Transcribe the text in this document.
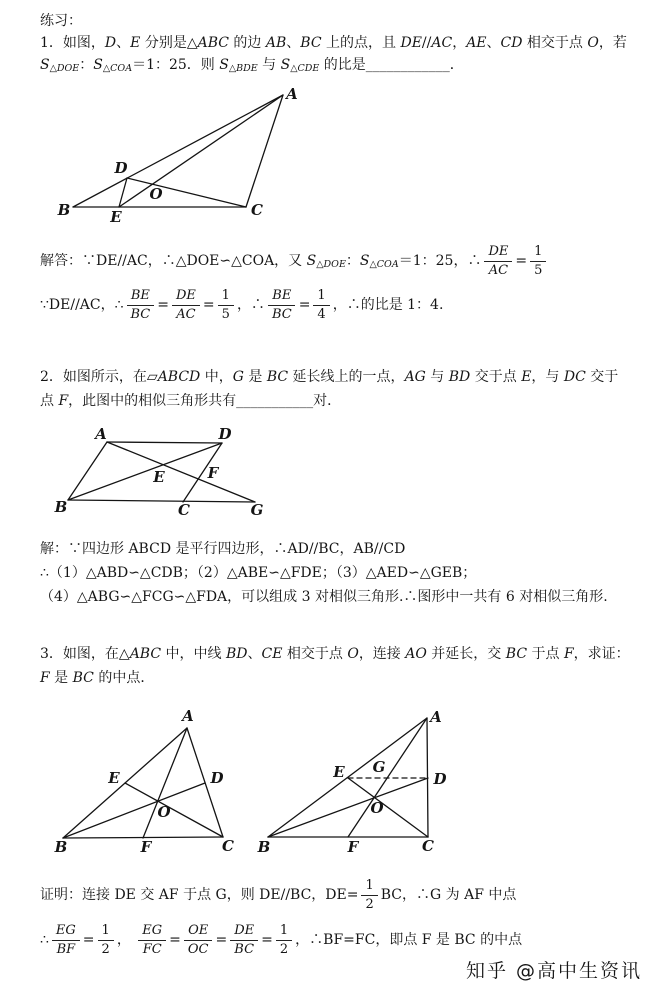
练习：
1．如图， D 、 E 分别是△ ABC 的边 AB 、 BC 上的点，且 DE // AC ， AE 、 CD 相交于点 O ，若
S △DOE ： S △COA ＝1：25．则 S △BDE 与 S △CDE 的比是 ____________ ．
A
B	C
D
E
O
解答：∵DE//AC，∴△DOE∽△COA，又 S △DOE ： S △COA ＝1：25，∴ $\frac{DE}{AC} = \frac{1}{5}$
∵DE//AC，∴ $\frac{BE}{BC} = \frac{DE}{AC} = \frac{1}{5}$ ，∴ $\frac{BE}{BC} = \frac{1}{4}$ ，∴的比是 1：4.
2．如图所示，在▱ ABCD 中， G 是 BC 延长线上的一点， AG 与 BD 交于点 E ，与 DC 交于
点 F ，此图中的相似三角形共有 ___________ 对．
A	D
B	C	G
E	F
解：∵四边形 ABCD 是平行四边形，∴AD//BC，AB//CD
∴（1）△ABD∽△CDB；（2）△ABE∽△FDE；（3）△AED∽△GEB；
（4）△ABG∽△FCG∽△FDA，可以组成 3 对相似三角形.∴图形中一共有 6 对相似三角形.
3．如图，在△ ABC 中，中线 BD 、 CE 相交于点 O ，连接 AO 并延长，交 BC 于点 F ，求证：
F 是 BC 的中点．
A
B	C
E	D
O
F
A
B	C
E	D
G
O
F
证明：连接 DE 交 AF 于点 G，则 DE//BC，$DE= \frac{1}{2}$ BC，∴G 为 AF 中点
∴ $\frac{EG}{BF} = \frac{1}{2}$ ， $\frac{EG}{FC} = \frac{OE}{OC} = \frac{DE}{BC} = \frac{1}{2}$ ，∴BF=FC，即点 F 是 BC 的中点
知乎 @高中生资讯
